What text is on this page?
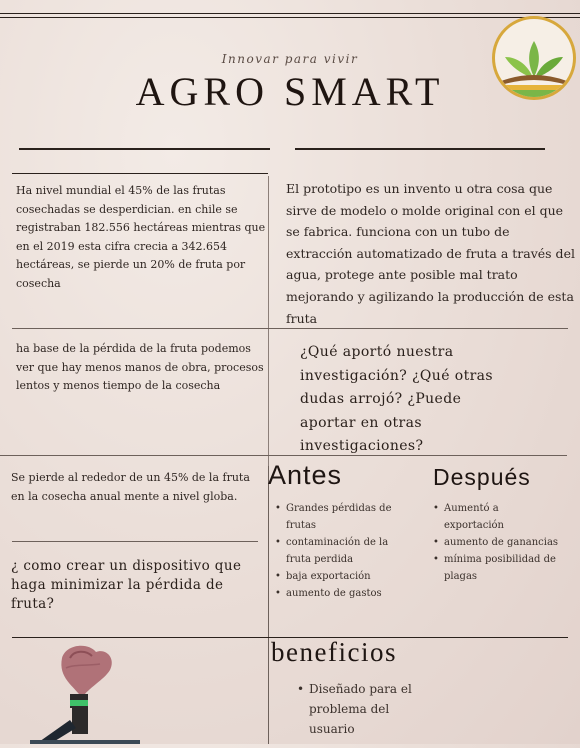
Innovar para vivir
AGRO SMART
Ha nivel mundial el 45% de las frutas cosechadas se desperdician. en chile se registraban 182.556 hectáreas mientras que en el 2019 esta cifra crecia a 342.654 hectáreas, se pierde un 20% de fruta por cosecha
ha base de la pérdida de la fruta podemos ver que hay menos manos de obra, procesos lentos y menos tiempo de la cosecha
Se pierde al rededor de un 45% de la fruta en la cosecha anual mente a nivel globa.
¿ como crear un dispositivo que haga minimizar la pérdida de fruta?
El prototipo es un invento u otra cosa que sirve de modelo o molde original con el que se fabrica. funciona con un tubo de extracción automatizado de fruta a través del agua, protege ante posible mal trato mejorando y agilizando la producción de esta fruta
¿Qué aportó nuestra investigación? ¿Qué otras dudas arrojó? ¿Puede aportar en otras investigaciones?
Antes
• Grandes pérdidas de frutas
• contaminación de la fruta perdida
• baja exportación
• aumento de gastos
Después
• Aumentó a exportación
• aumento de ganancias
• mínima posibilidad de plagas
beneficios
• Diseñado para el problema del usuario
